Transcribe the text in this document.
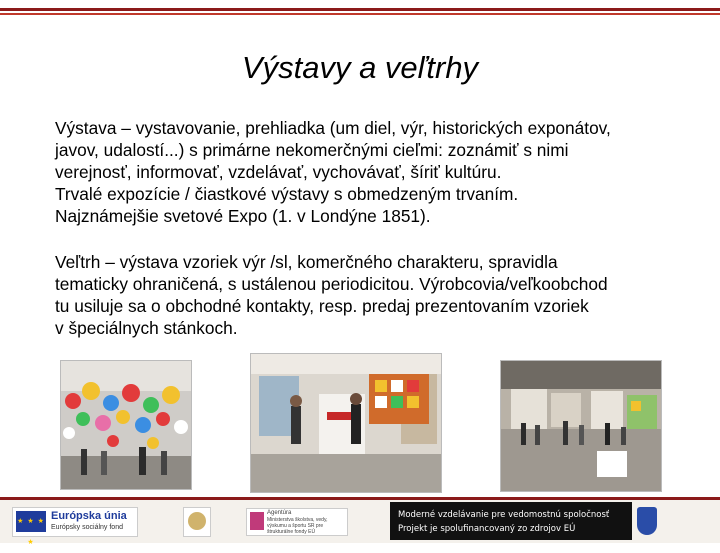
Výstavy a veľtrhy

Výstava – vystavovanie, prehliadka (um diel, výr, historických exponátov,
javov, udalostí...) s primárne nekomerčnými cieľmi: zoznámiť s nimi
verejnosť, informovať, vzdelávať, vychovávať, šíriť kultúru.
Trvalé expozície / čiastkové výstavy s obmedzeným trvaním.
Najznámejšie svetové Expo (1. v Londýne 1851).

Veľtrh – výstava vzoriek výr /sl, komerčného charakteru, spravidla
tematicky ohraničená, s ustálenou periodicitou. Výrobcovia/veľkoobchod
tu usiluje sa o obchodné kontakty, resp. predaj prezentovaním vzoriek
v špeciálnych stánkoch.

★ ★ ★ ★
Európska únia
Európsky sociálny fond
Agentúra
Ministerstva školstva, vedy, výskumu a športu SR pre štrukturálne fondy EÚ
Moderné vzdelávanie pre vedomostnú spoločnosť
Projekt je spolufinancovaný zo zdrojov EÚ
